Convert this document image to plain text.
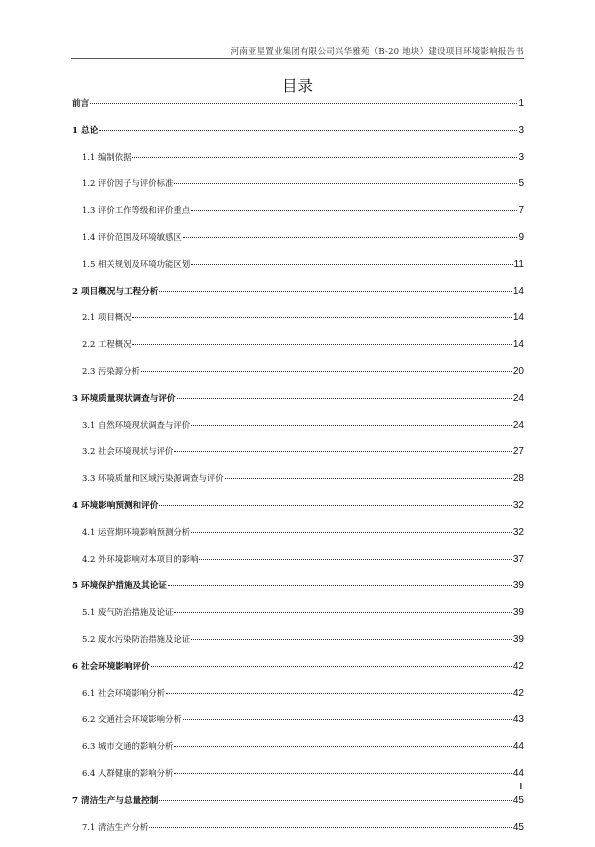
河南亚星置业集团有限公司兴华雅苑（B-20 地块）建设项目环境影响报告书
目录
前言	1
1 总论	3
1.1 编制依据	3
1.2 评价因子与评价标准	5
1.3 评价工作等级和评价重点	7
1.4 评价范围及环境敏感区	9
1.5 相关规划及环境功能区划	11
2 项目概况与工程分析	14
2.1 项目概况	14
2.2 工程概况	14
2.3 污染源分析	20
3 环境质量现状调查与评价	24
3.1 自然环境现状调查与评价	24
3.2 社会环境现状与评价	27
3.3 环境质量和区域污染源调查与评价	28
4 环境影响预测和评价	32
4.1 运营期环境影响预测分析	32
4.2 外环境影响对本项目的影响	37
5 环境保护措施及其论证	39
5.1 废气防治措施及论证	39
5.2 废水污染防治措施及论证	39
6 社会环境影响评价	42
6.1 社会环境影响分析	42
6.2 交通社会环境影响分析	43
6.3 城市交通的影响分析	44
6.4 人群健康的影响分析	44
7 清洁生产与总量控制	45
7.1 清洁生产分析	45
I
